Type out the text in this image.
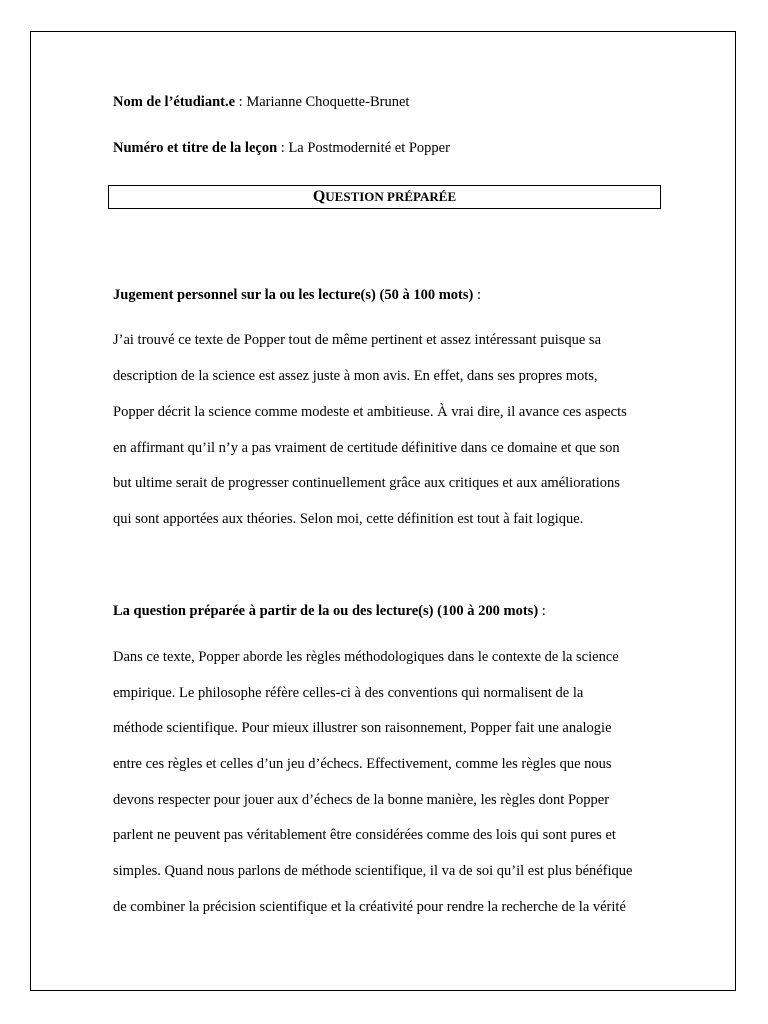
Nom de l’étudiant.e : Marianne Choquette-Brunet
Numéro et titre de la leçon : La Postmodernité et Popper
QUESTION PRÉPARÉE
Jugement personnel sur la ou les lecture(s) (50 à 100 mots) :
J’ai trouvé ce texte de Popper tout de même pertinent et assez intéressant puisque sa
description de la science est assez juste à mon avis. En effet, dans ses propres mots,
Popper décrit la science comme modeste et ambitieuse. À vrai dire, il avance ces aspects
en affirmant qu’il n’y a pas vraiment de certitude définitive dans ce domaine et que son
but ultime serait de progresser continuellement grâce aux critiques et aux améliorations
qui sont apportées aux théories. Selon moi, cette définition est tout à fait logique.
La question préparée à partir de la ou des lecture(s) (100 à 200 mots) :
Dans ce texte, Popper aborde les règles méthodologiques dans le contexte de la science
empirique. Le philosophe réfère celles-ci à des conventions qui normalisent de la
méthode scientifique. Pour mieux illustrer son raisonnement, Popper fait une analogie
entre ces règles et celles d’un jeu d’échecs. Effectivement, comme les règles que nous
devons respecter pour jouer aux d’échecs de la bonne manière, les règles dont Popper
parlent ne peuvent pas véritablement être considérées comme des lois qui sont pures et
simples. Quand nous parlons de méthode scientifique, il va de soi qu’il est plus bénéfique
de combiner la précision scientifique et la créativité pour rendre la recherche de la vérité
